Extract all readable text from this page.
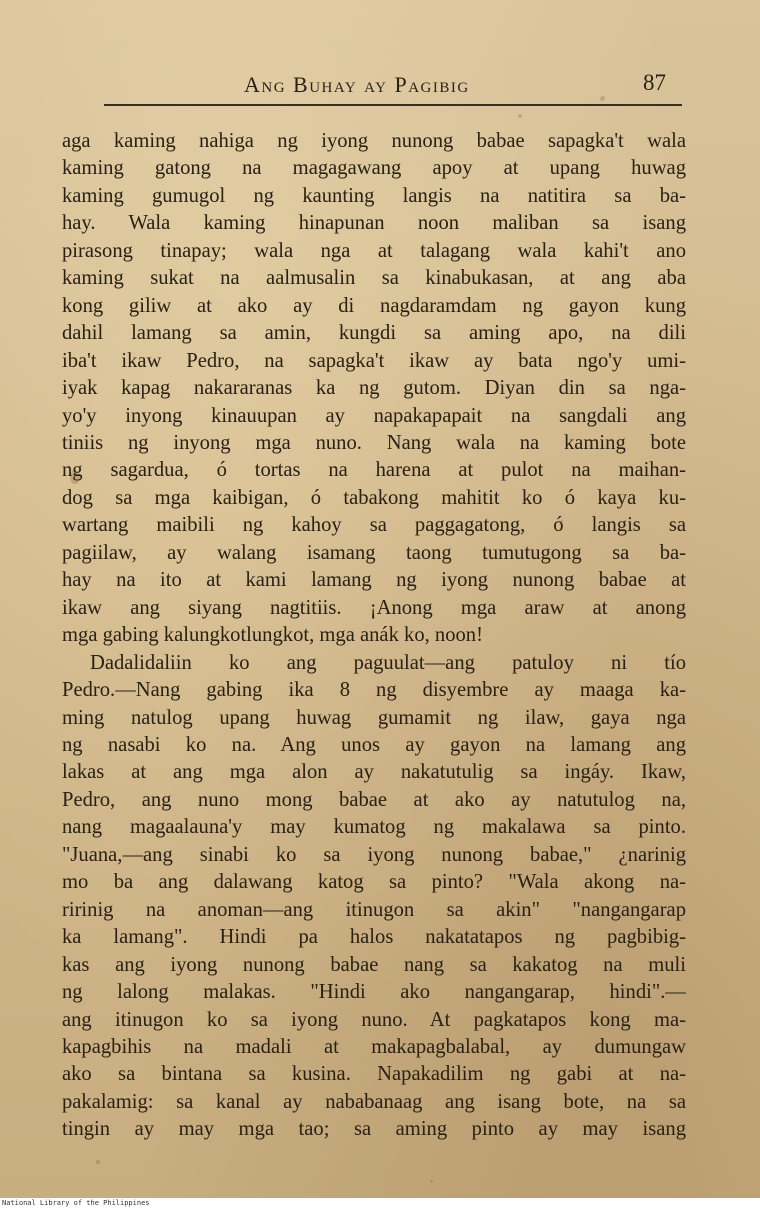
Ang Buhay ay Pagibig	87
aga kaming nahiga ng iyong nunong babae sapagka't wala
kaming gatong na magagawang apoy at upang huwag
kaming gumugol ng kaunting langis na natitira sa ba-
hay. Wala kaming hinapunan noon maliban sa isang
pirasong tinapay; wala nga at talagang wala kahi't ano
kaming sukat na aalmusalin sa kinabukasan, at ang aba
kong giliw at ako ay di nagdaramdam ng gayon kung
dahil lamang sa amin, kungdi sa aming apo, na dili
iba't ikaw Pedro, na sapagka't ikaw ay bata ngo'y umi-
iyak kapag nakararanas ka ng gutom. Diyan din sa nga-
yo'y inyong kinauupan ay napakapapait na sangdali ang
tiniis ng inyong mga nuno. Nang wala na kaming bote
ng sagardua, ó tortas na harena at pulot na maihan-
dog sa mga kaibigan, ó tabakong mahitit ko ó kaya ku-
wartang maibili ng kahoy sa paggagatong, ó langis sa
pagiilaw, ay walang isamang taong tumutugong sa ba-
hay na ito at kami lamang ng iyong nunong babae at
ikaw ang siyang nagtitiis. ¡Anong mga araw at anong
mga gabing kalungkotlungkot, mga anák ko, noon!
Dadalidaliin ko ang paguulat—ang patuloy ni tío
Pedro.—Nang gabing ika 8 ng disyembre ay maaga ka-
ming natulog upang huwag gumamit ng ilaw, gaya nga
ng nasabi ko na. Ang unos ay gayon na lamang ang
lakas at ang mga alon ay nakatutulig sa ingáy. Ikaw,
Pedro, ang nuno mong babae at ako ay natutulog na,
nang magaalauna'y may kumatog ng makalawa sa pinto.
"Juana,—ang sinabi ko sa iyong nunong babae," ¿narinig
mo ba ang dalawang katog sa pinto? "Wala akong na-
ririnig na anoman—ang itinugon sa akin" "nangangarap
ka lamang". Hindi pa halos nakatatapos ng pagbibig-
kas ang iyong nunong babae nang sa kakatog na muli
ng lalong malakas. "Hindi ako nangangarap, hindi".—
ang itinugon ko sa iyong nuno. At pagkatapos kong ma-
kapagbihis na madali at makapagbalabal, ay dumungaw
ako sa bintana sa kusina. Napakadilim ng gabi at na-
pakalamig: sa kanal ay nababanaag ang isang bote, na sa
tingin ay may mga tao; sa aming pinto ay may isang
National Library of the Philippines
